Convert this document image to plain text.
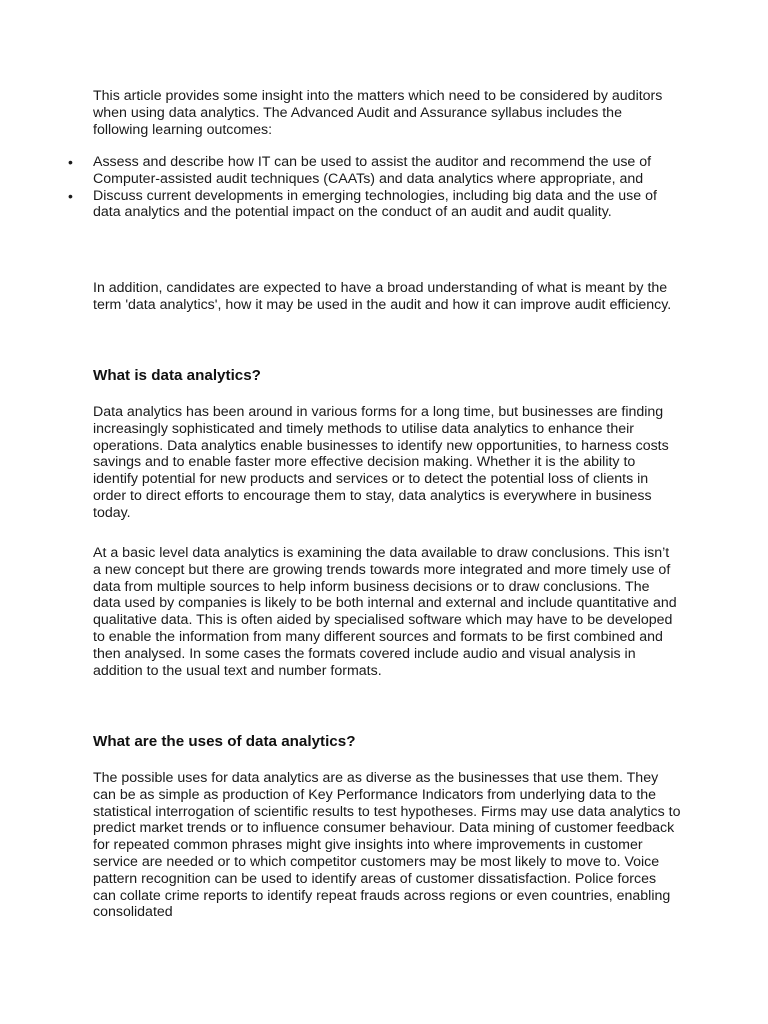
This article provides some insight into the matters which need to be considered by auditors when using data analytics. The Advanced Audit and Assurance syllabus includes the following learning outcomes:

• Assess and describe how IT can be used to assist the auditor and recommend the use of Computer-assisted audit techniques (CAATs) and data analytics where appropriate, and
• Discuss current developments in emerging technologies, including big data and the use of data analytics and the potential impact on the conduct of an audit and audit quality.

In addition, candidates are expected to have a broad understanding of what is meant by the term 'data analytics', how it may be used in the audit and how it can improve audit efficiency.

What is data analytics?

Data analytics has been around in various forms for a long time, but businesses are finding increasingly sophisticated and timely methods to utilise data analytics to enhance their operations. Data analytics enable businesses to identify new opportunities, to harness costs savings and to enable faster more effective decision making. Whether it is the ability to identify potential for new products and services or to detect the potential loss of clients in order to direct efforts to encourage them to stay, data analytics is everywhere in business today.

At a basic level data analytics is examining the data available to draw conclusions. This isn’t a new concept but there are growing trends towards more integrated and more timely use of data from multiple sources to help inform business decisions or to draw conclusions. The data used by companies is likely to be both internal and external and include quantitative and qualitative data. This is often aided by specialised software which may have to be developed to enable the information from many different sources and formats to be first combined and then analysed. In some cases the formats covered include audio and visual analysis in addition to the usual text and number formats.

What are the uses of data analytics?

The possible uses for data analytics are as diverse as the businesses that use them. They can be as simple as production of Key Performance Indicators from underlying data to the statistical interrogation of scientific results to test hypotheses. Firms may use data analytics to predict market trends or to influence consumer behaviour. Data mining of customer feedback for repeated common phrases might give insights into where improvements in customer service are needed or to which competitor customers may be most likely to move to. Voice pattern recognition can be used to identify areas of customer dissatisfaction. Police forces can collate crime reports to identify repeat frauds across regions or even countries, enabling consolidated
